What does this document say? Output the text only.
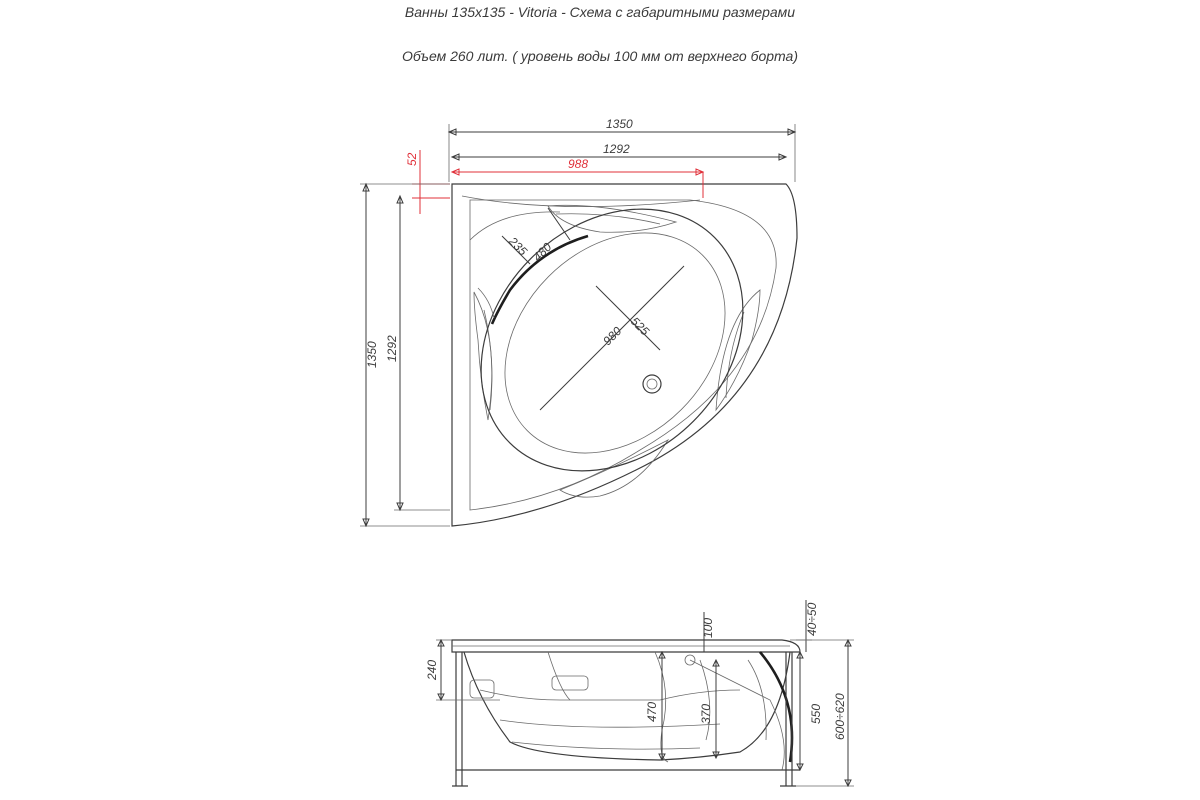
Ванны 135x135 - Vitoria - Схема с габаритными размерами
Объем 260 лит. ( уровень воды 100 мм от верхнего борта)
980 525
235 480
1350
1292
988
52
1350 1292
240
100
470	370
40÷50
550 600÷620
